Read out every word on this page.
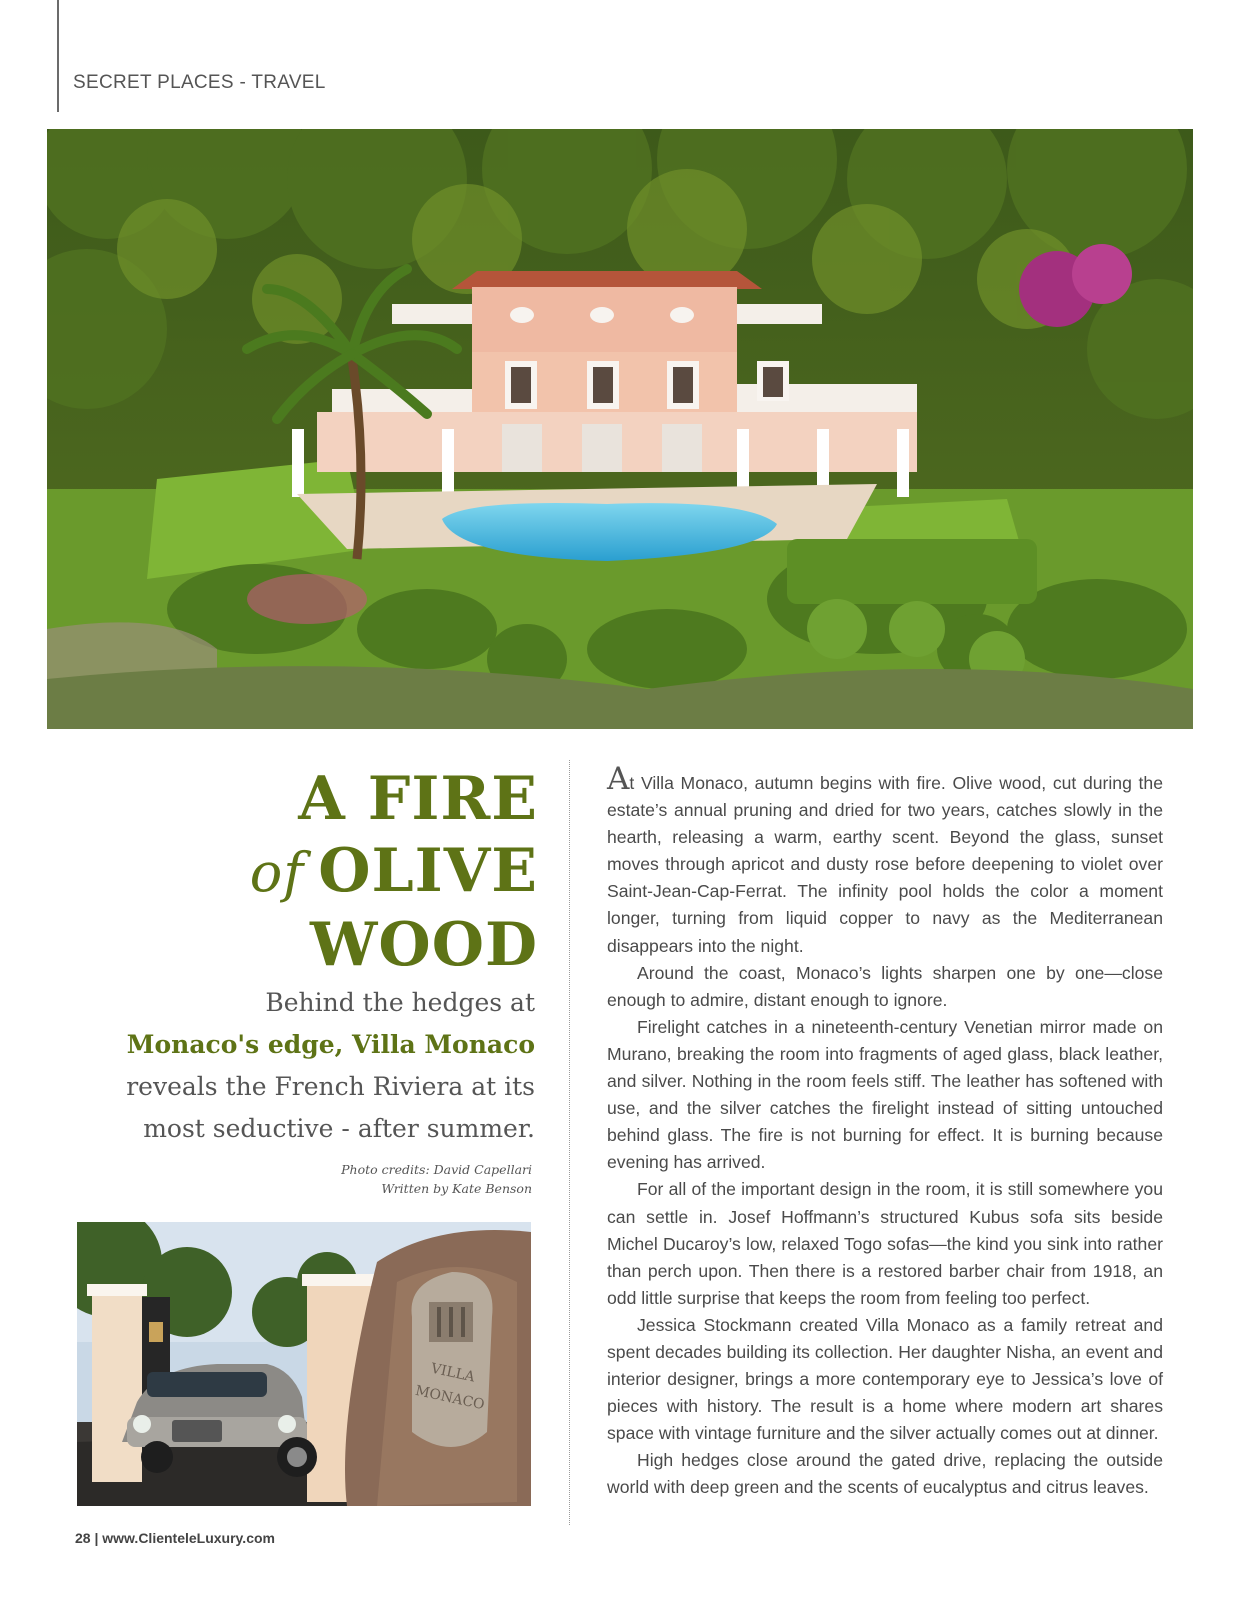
SECRET PLACES - TRAVEL
A FIRE
of OLIVE
WOOD
Behind the hedges at
Monaco's edge, Villa Monaco reveals the French Riviera at its most seductive - after summer.
Photo credits: David Capellari
Written by Kate Benson
VILLA
MONACO

At Villa Monaco, autumn begins with fire. Olive wood, cut during the estate’s annual pruning and dried for two years, catches slowly in the hearth, releasing a warm, earthy scent. Beyond the glass, sunset moves through apricot and dusty rose before deepening to violet over Saint-Jean-Cap-Ferrat. The infinity pool holds the color a moment longer, turning from liquid copper to navy as the Mediterranean disappears into the night.

Around the coast, Monaco’s lights sharpen one by one—close enough to admire, distant enough to ignore.

Firelight catches in a nineteenth-century Venetian mirror made on Murano, breaking the room into fragments of aged glass, black leather, and silver. Nothing in the room feels stiff. The leather has softened with use, and the silver catches the firelight instead of sitting untouched behind glass. The fire is not burning for effect. It is burning because evening has arrived.

For all of the important design in the room, it is still somewhere you can settle in. Josef Hoffmann’s structured Kubus sofa sits beside Michel Ducaroy’s low, relaxed Togo sofas—the kind you sink into rather than perch upon. Then there is a restored barber chair from 1918, an odd little surprise that keeps the room from feeling too perfect.

Jessica Stockmann created Villa Monaco as a family retreat and spent decades building its collection. Her daughter Nisha, an event and interior designer, brings a more contemporary eye to Jessica’s love of pieces with history. The result is a home where modern art shares space with vintage furniture and the silver actually comes out at dinner.

High hedges close around the gated drive, replacing the outside world with deep green and the scents of eucalyptus and citrus leaves.

28 | www.ClienteleLuxury.com
